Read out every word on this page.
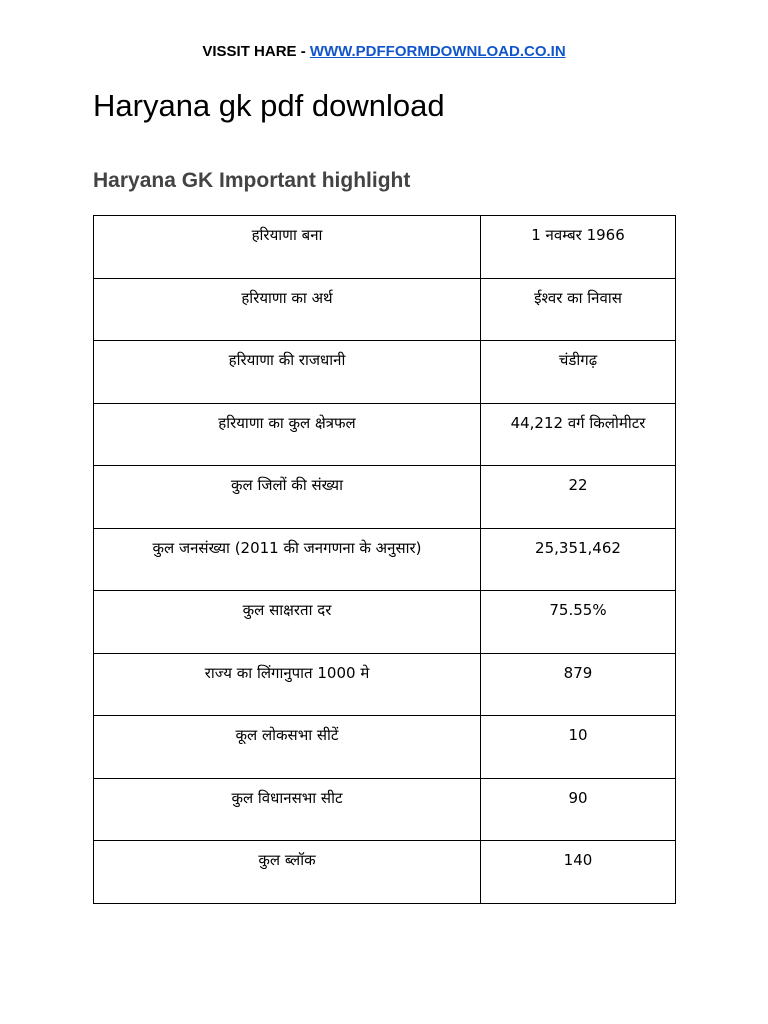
VISSIT HARE - WWW.PDFFORMDOWNLOAD.CO.IN
Haryana gk pdf download
Haryana GK Important highlight
हरियाणा बना	1 नवम्बर 1966
हरियाणा का अर्थ	ईश्वर का निवास
हरियाणा की राजधानी	चंडीगढ़
हरियाणा का कुल क्षेत्रफल	44,212 वर्ग किलोमीटर
कुल जिलों की संख्या	22
कुल जनसंख्या (2011 की जनगणना के अनुसार)	25,351,462
कुल साक्षरता दर	75.55%
राज्य का लिंगानुपात 1000 मे	879
कूल लोकसभा सीटें	10
कुल विधानसभा सीट	90
कुल ब्लॉक	140
